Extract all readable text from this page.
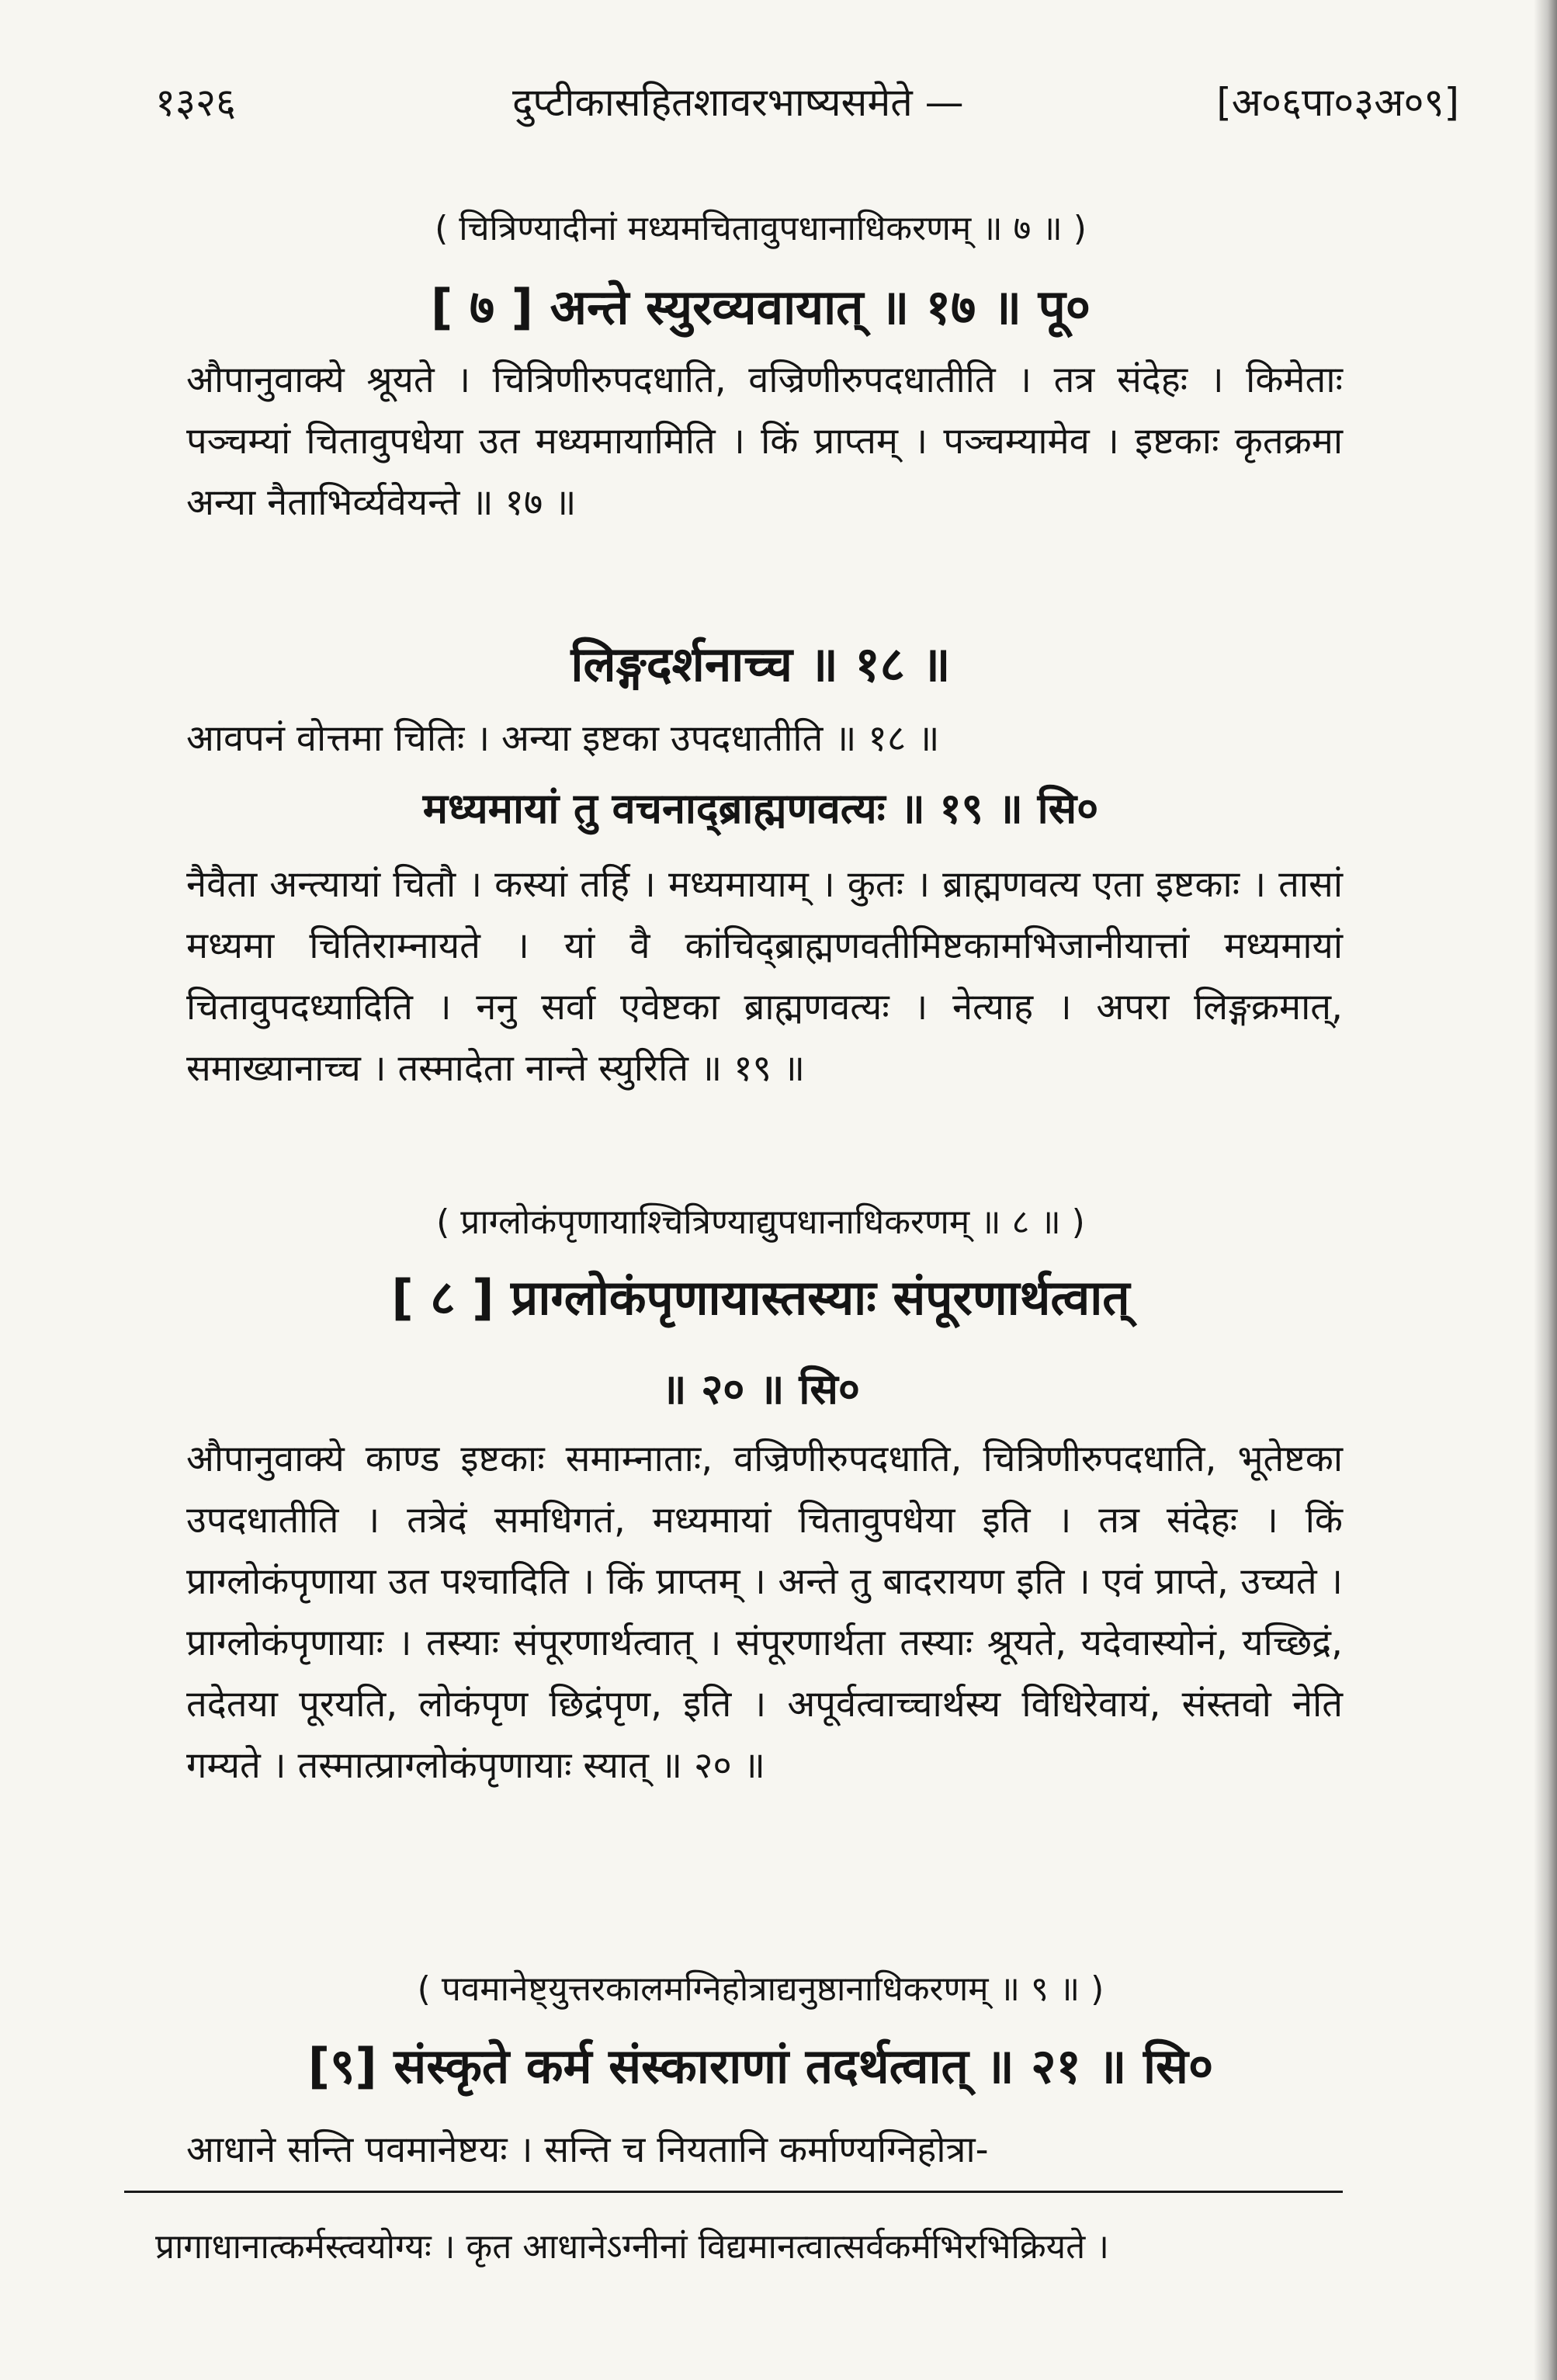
१३२६	दुप्टीकासहितशावरभाष्यसमेते —	[अ०६पा०३अ०९]
( चित्रिण्यादीनां मध्यमचितावुपधानाधिकरणम् ॥ ७ ॥ )
[ ७ ] अन्ते स्युरव्यवायात् ॥ १७ ॥ पू०
औपानुवाक्ये श्रूयते । चित्रिणीरुपदधाति, वज्रिणीरुपदधातीति । तत्र संदेहः । किमेताः पञ्चम्यां चितावुपधेया उत मध्यमायामिति । किं प्राप्तम् । पञ्चम्यामेव । इष्टकाः कृतक्रमा अन्या नैताभिर्व्यवेयन्ते ॥ १७ ॥
लिङ्गदर्शनाच्च ॥ १८ ॥
आवपनं वोत्तमा चितिः । अन्या इष्टका उपदधातीति ॥ १८ ॥
मध्यमायां तु वचनाद्ब्राह्मणवत्यः ॥ १९ ॥ सि०
नैवैता अन्त्यायां चितौ । कस्यां तर्हि । मध्यमायाम् । कुतः । ब्राह्मणवत्य एता इष्टकाः । तासां मध्यमा चितिराम्नायते । यां वै कांचिद्ब्राह्मणवतीमिष्टकामभिजानीयात्तां मध्यमायां चितावुपदध्यादिति । ननु सर्वा एवेष्टका ब्राह्मणवत्यः । नेत्याह । अपरा लिङ्गक्रमात्, समाख्यानाच्च । तस्मादेता नान्ते स्युरिति ॥ १९ ॥
( प्राग्लोकंपृणायाश्चित्रिण्याद्युपधानाधिकरणम् ॥ ८ ॥ )
[ ८ ] प्राग्लोकंपृणायास्तस्याः संपूरणार्थत्वात्
॥ २० ॥ सि०
औपानुवाक्ये काण्ड इष्टकाः समाम्नाताः, वज्रिणीरुपदधाति, चित्रिणीरुपदधाति, भूतेष्टका उपदधातीति । तत्रेदं समधिगतं, मध्यमायां चितावुपधेया इति । तत्र संदेहः । किं प्राग्लोकंपृणाया उत पश्चादिति । किं प्राप्तम् । अन्ते तु बादरायण इति । एवं प्राप्ते, उच्यते । प्राग्लोकंपृणायाः । तस्याः संपूरणार्थत्वात् । संपूरणार्थता तस्याः श्रूयते, यदेवास्योनं, यच्छिद्रं, तदेतया पूरयति, लोकंपृण छिद्रंपृण, इति । अपूर्वत्वाच्चार्थस्य विधिरेवायं, संस्तवो नेति गम्यते । तस्मात्प्राग्लोकंपृणायाः स्यात् ॥ २० ॥
( पवमानेष्ट्युत्तरकालमग्निहोत्राद्यनुष्ठानाधिकरणम् ॥ ९ ॥ )
[९] संस्कृते कर्म संस्काराणां तदर्थत्वात् ॥ २१ ॥ सि०
आधाने सन्ति पवमानेष्टयः । सन्ति च नियतानि कर्माण्यग्निहोत्रा-
प्रागाधानात्कर्मस्त्वयोग्यः । कृत आधानेऽग्नीनां विद्यमानत्वात्सर्वकर्मभिरभिक्रियते ।
